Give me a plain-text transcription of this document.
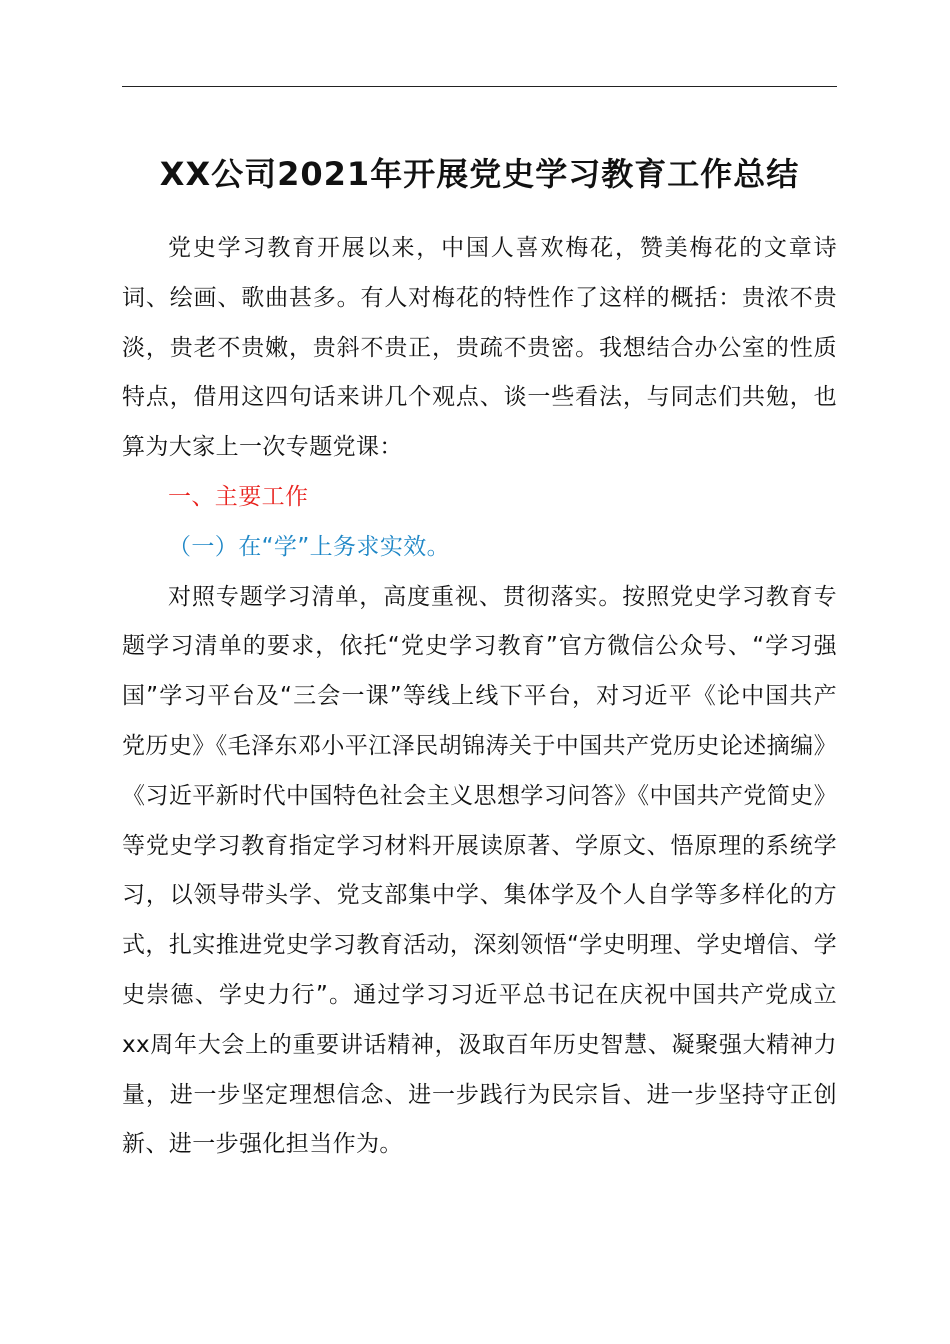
XX公司2021年开展党史学习教育工作总结

党史学习教育开展以来，中国人喜欢梅花，赞美梅花的文章诗词、绘画、歌曲甚多。有人对梅花的特性作了这样的概括：贵浓不贵淡，贵老不贵嫩，贵斜不贵正，贵疏不贵密。我想结合办公室的性质特点，借用这四句话来讲几个观点、谈一些看法，与同志们共勉，也算为大家上一次专题党课：

一、主要工作

（一）在“学”上务求实效。

对照专题学习清单，高度重视、贯彻落实。按照党史学习教育专题学习清单的要求，依托“党史学习教育”官方微信公众号、“学习强国”学习平台及“三会一课”等线上线下平台，对习近平《论中国共产党历史》《毛泽东邓小平江泽民胡锦涛关于中国共产党历史论述摘编》《习近平新时代中国特色社会主义思想学习问答》《中国共产党简史》等党史学习教育指定学习材料开展读原著、学原文、悟原理的系统学习，以领导带头学、党支部集中学、集体学及个人自学等多样化的方式，扎实推进党史学习教育活动，深刻领悟“学史明理、学史增信、学史崇德、学史力行”。通过学习习近平总书记在庆祝中国共产党成立xx周年大会上的重要讲话精神，汲取百年历史智慧、凝聚强大精神力量，进一步坚定理想信念、进一步践行为民宗旨、进一步坚持守正创新、进一步强化担当作为。
